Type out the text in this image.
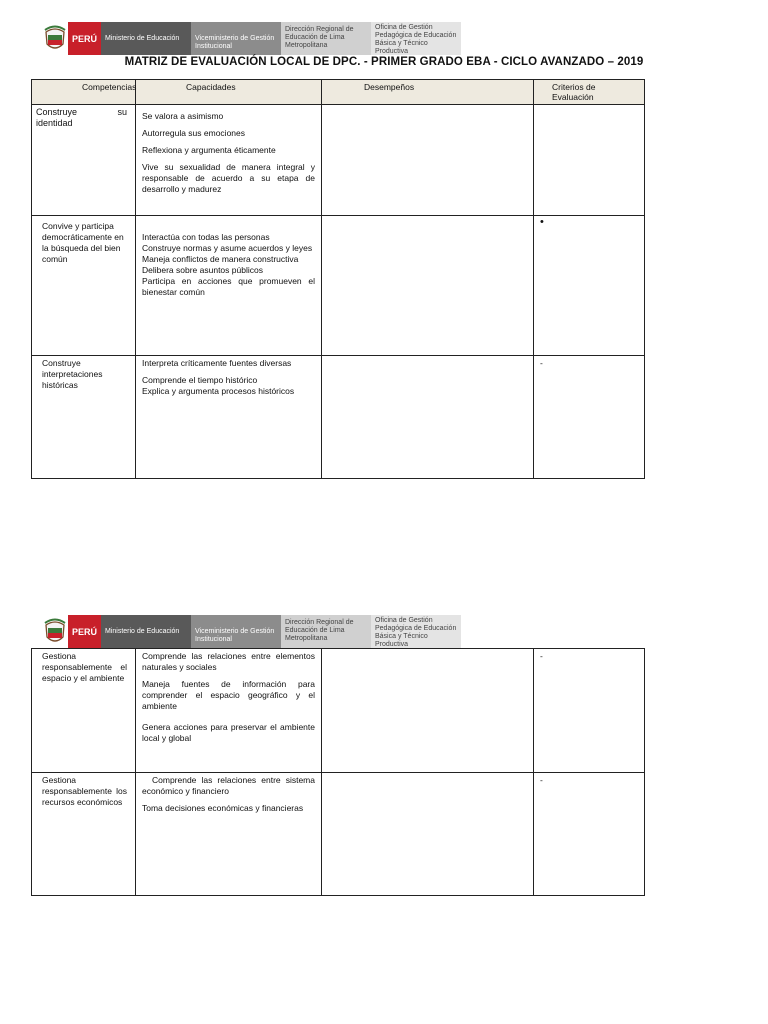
PERÚ	Ministerio de Educación	Viceministerio de Gestión Institucional
Dirección Regional de Educación de Lima Metropolitana
Oficina de Gestión Pedagógica de Educación Básica y Técnico Productiva
MATRIZ DE EVALUACIÓN LOCAL DE DPC. - PRIMER GRADO EBA - CICLO AVANZADO – 2019
Competencias	Capacidades	Desempeños	Criterios de Evaluación
Construye su identidad	Se valora a asimismo

Autorregula sus emociones

Reflexiona y argumenta éticamente

Vive su sexualidad de manera integral y responsable de acuerdo a su etapa de desarrollo y madurez		

Convive y participa democráticamente en la búsqueda del bien común	Interactúa con todas las personas

Construye normas y asume acuerdos y leyes

Maneja conflictos de manera constructiva

Delibera sobre asuntos públicos

Participa en acciones que promueven el bienestar común		•
Construye interpretaciones históricas	Interpreta críticamente fuentes diversas

Comprende el tiempo histórico

Explica y argumenta procesos históricos		-
PERÚ	Ministerio de Educación	Viceministerio de Gestión Institucional
Dirección Regional de Educación de Lima Metropolitana
Oficina de Gestión Pedagógica de Educación Básica y Técnico Productiva
Gestiona responsablemente el espacio y el ambiente	Comprende las relaciones entre elementos naturales y sociales

Maneja fuentes de información para comprender el espacio geográfico y el ambiente

Genera acciones para preservar el ambiente local y global		-
Gestiona responsablemente los recursos económicos	Comprende las relaciones entre sistema económico y financiero

Toma decisiones económicas y financieras		-
